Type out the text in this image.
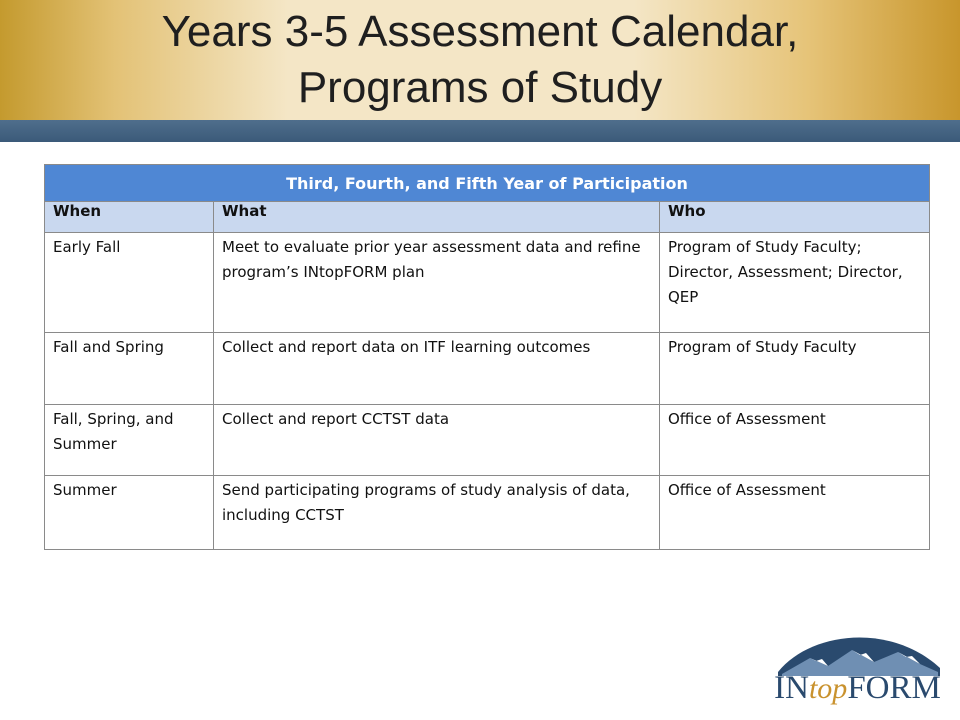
Years 3-5 Assessment Calendar,
Programs of Study
Third, Fourth, and Fifth Year of Participation		
When	What	Who
Early Fall	Meet to evaluate prior year assessment data and refine program’s INtopFORM plan	Program of Study Faculty; Director, Assessment; Director, QEP
Fall and Spring	Collect and report data on ITF learning outcomes	Program of Study Faculty
Fall, Spring, and Summer	Collect and report CCTST data	Office of Assessment
Summer	Send participating programs of study analysis of data, including CCTST	Office of Assessment
INtopFORM
